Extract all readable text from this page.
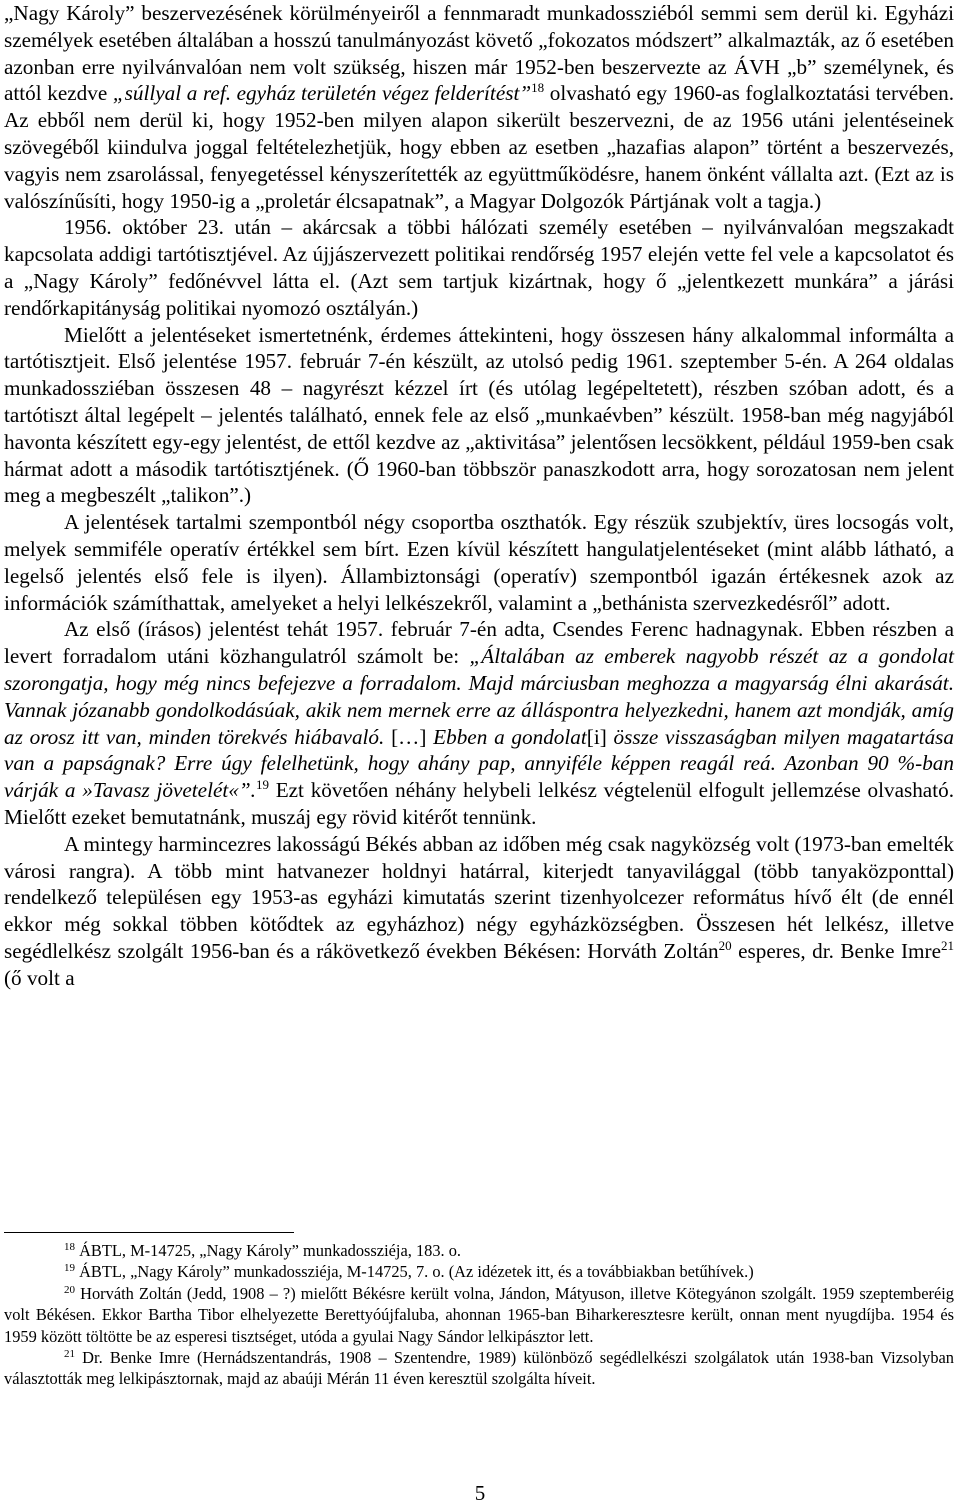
„Nagy Károly” beszervezésének körülményeiről a fennmaradt munkadossziéból semmi sem derül ki. Egyházi személyek esetében általában a hosszú tanulmányozást követő „fokozatos módszert” alkalmazták, az ő esetében azonban erre nyilvánvalóan nem volt szükség, hiszen már 1952-ben beszervezte az ÁVH „b” személynek, és attól kezdve „súllyal a ref. egyház területén végez felderítést”$^{18}$ olvasható egy 1960-as foglalkoztatási tervében. Az ebből nem derül ki, hogy 1952-ben milyen alapon sikerült beszervezni, de az 1956 utáni jelentéseinek szövegéből kiindulva joggal feltételezhetjük, hogy ebben az esetben „hazafias alapon” történt a beszervezés, vagyis nem zsarolással, fenyegetéssel kényszerítették az együttműködésre, hanem önként vállalta azt. (Ezt az is valószínűsíti, hogy 1950-ig a „proletár élcsapatnak”, a Magyar Dolgozók Pártjának volt a tagja.)

1956. október 23. után – akárcsak a többi hálózati személy esetében – nyilvánvalóan megszakadt kapcsolata addigi tartótisztjével. Az újjászervezett politikai rendőrség 1957 elején vette fel vele a kapcsolatot és a „Nagy Károly” fedőnévvel látta el. (Azt sem tartjuk kizártnak, hogy ő „jelentkezett munkára” a járási rendőrkapitányság politikai nyomozó osztályán.)

Mielőtt a jelentéseket ismertetnénk, érdemes áttekinteni, hogy összesen hány alkalommal informálta a tartótisztjeit. Első jelentése 1957. február 7-én készült, az utolsó pedig 1961. szeptember 5-én. A 264 oldalas munkadossziéban összesen 48 – nagyrészt kézzel írt (és utólag legépeltetett), részben szóban adott, és a tartótiszt által legépelt – jelentés található, ennek fele az első „munkaévben” készült. 1958-ban még nagyjából havonta készített egy-egy jelentést, de ettől kezdve az „aktivitása” jelentősen lecsökkent, például 1959-ben csak hármat adott a második tartótisztjének. (Ő 1960-ban többször panaszkodott arra, hogy sorozatosan nem jelent meg a megbeszélt „talikon”.)

A jelentések tartalmi szempontból négy csoportba oszthatók. Egy részük szubjektív, üres locsogás volt, melyek semmiféle operatív értékkel sem bírt. Ezen kívül készített hangulatjelentéseket (mint alább látható, a legelső jelentés első fele is ilyen). Állambiztonsági (operatív) szempontból igazán értékesnek azok az információk számíthattak, amelyeket a helyi lelkészekről, valamint a „bethánista szervezkedésről” adott.

Az első (írásos) jelentést tehát 1957. február 7-én adta, Csendes Ferenc hadnagynak. Ebben részben a levert forradalom utáni közhangulatról számolt be: „Általában az emberek nagyobb részét az a gondolat szorongatja, hogy még nincs befejezve a forradalom. Majd márciusban meghozza a magyarság élni akarását. Vannak józanabb gondolkodásúak, akik nem mernek erre az álláspontra helyezkedni, hanem azt mondják, amíg az orosz itt van, minden törekvés hiábavaló. […] Ebben a gondolat[i] össze visszaságban milyen magatartása van a papságnak? Erre úgy felelhetünk, hogy ahány pap, annyiféle képpen reagál reá. Azonban 90 %-ban várják a »Tavasz jövetelét«”.$^{19}$ Ezt követően néhány helybeli lelkész végtelenül elfogult jellemzése olvasható. Mielőtt ezeket bemutatnánk, muszáj egy rövid kitérőt tennünk.

A mintegy harmincezres lakosságú Békés abban az időben még csak nagyközség volt (1973-ban emelték városi rangra). A több mint hatvanezer holdnyi határral, kiterjedt tanyavilággal (több tanyaközponttal) rendelkező településen egy 1953-as egyházi kimutatás szerint tizenhyolcezer református hívő élt (de ennél ekkor még sokkal többen kötődtek az egyházhoz) négy egyházközségben. Összesen hét lelkész, illetve segédlelkész szolgált 1956-ban és a rákövetkező években Békésen: Horváth Zoltán$^{20}$ esperes, dr. Benke Imre$^{21}$ (ő volt a

$^{18}$ ÁBTL, M-14725, „Nagy Károly” munkadossziéja, 183. o.

$^{19}$ ÁBTL, „Nagy Károly” munkadossziéja, M-14725, 7. o. (Az idézetek itt, és a továbbiakban betűhívek.)

$^{20}$ Horváth Zoltán (Jedd, 1908 – ?) mielőtt Békésre került volna, Jándon, Mátyuson, illetve Kötegyánon szolgált. 1959 szeptemberéig volt Békésen. Ekkor Bartha Tibor elhelyezette Berettyóújfaluba, ahonnan 1965-ban Biharkeresztesre került, onnan ment nyugdíjba. 1954 és 1959 között töltötte be az esperesi tisztséget, utóda a gyulai Nagy Sándor lelkipásztor lett.

$^{21}$ Dr. Benke Imre (Hernádszentandrás, 1908 – Szentendre, 1989) különböző segédlelkészi szolgálatok után 1938-ban Vizsolyban választották meg lelkipásztornak, majd az abaúji Mérán 11 éven keresztül szolgálta híveit.

5
